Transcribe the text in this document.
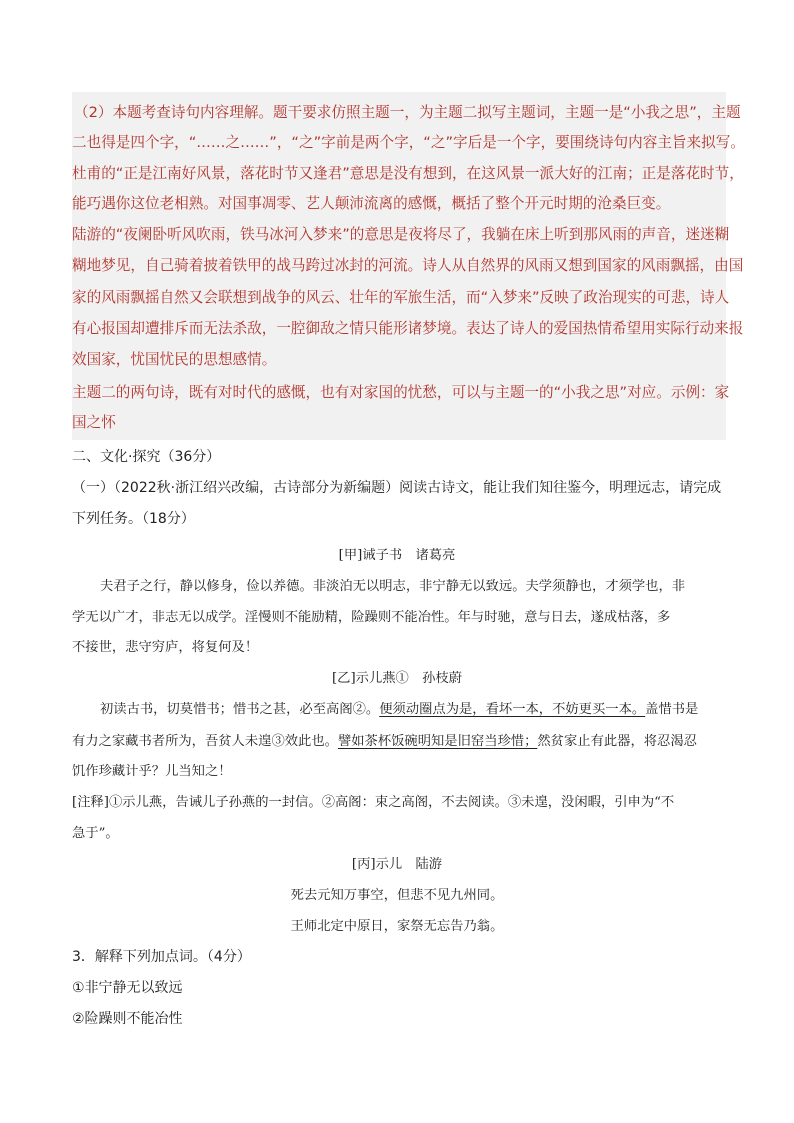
（2）本题考查诗句内容理解。题干要求仿照主题一，为主题二拟写主题词，主题一是“小我之思”，主题
二也得是四个字，“……之……”，“之”字前是两个字，“之”字后是一个字，要围绕诗句内容主旨来拟写。
杜甫的“正是江南好风景，落花时节又逢君”意思是没有想到，在这风景一派大好的江南；正是落花时节，
能巧遇你这位老相熟。对国事凋零、艺人颠沛流离的感慨，概括了整个开元时期的沧桑巨变。
陆游的“夜阑卧听风吹雨，铁马冰河入梦来”的意思是夜将尽了，我躺在床上听到那风雨的声音，迷迷糊
糊地梦见，自己骑着披着铁甲的战马跨过冰封的河流。诗人从自然界的风雨又想到国家的风雨飘摇，由国
家的风雨飘摇自然又会联想到战争的风云、壮年的军旅生活，而“入梦来”反映了政治现实的可悲，诗人
有心报国却遭排斥而无法杀敌，一腔御敌之情只能形诸梦境。表达了诗人的爱国热情希望用实际行动来报
效国家，忧国忧民的思想感情。
主题二的两句诗，既有对时代的感慨，也有对家国的忧愁，可以与主题一的“小我之思”对应。示例：家
国之怀
二、文化·探究（36分）
（一）（2022秋·浙江绍兴改编，古诗部分为新编题）阅读古诗文，能让我们知往鉴今，明理远志，请完成
下列任务。（18分）
[甲]诫子书　诸葛亮
夫君子之行，静以修身，俭以养德。非淡泊无以明志，非宁静无以致远。夫学须静也，才须学也，非
学无以广才，非志无以成学。淫慢则不能励精，险躁则不能冶性。年与时驰，意与日去，遂成枯落，多
不接世，悲守穷庐，将复何及！
[乙]示儿燕①　孙枝蔚
初读古书，切莫惜书；惜书之甚，必至高阁②。便须动圈点为是，看坏一本，不妨更买一本。盖惜书是
有力之家藏书者所为，吾贫人未遑③效此也。譬如茶杯饭碗明知是旧窑当珍惜；然贫家止有此器，将忍渴忍
饥作珍藏计乎？儿当知之！
[注释]①示儿燕，告诫儿子孙燕的一封信。②高阁：束之高阁，不去阅读。③未遑，没闲暇，引申为“不
急于”。
[丙]示儿　陆游
死去元知万事空，但悲不见九州同。
王师北定中原日，家祭无忘告乃翁。
3．解释下列加点词。（4分）
①非宁静无以致远
②险躁则不能冶性
